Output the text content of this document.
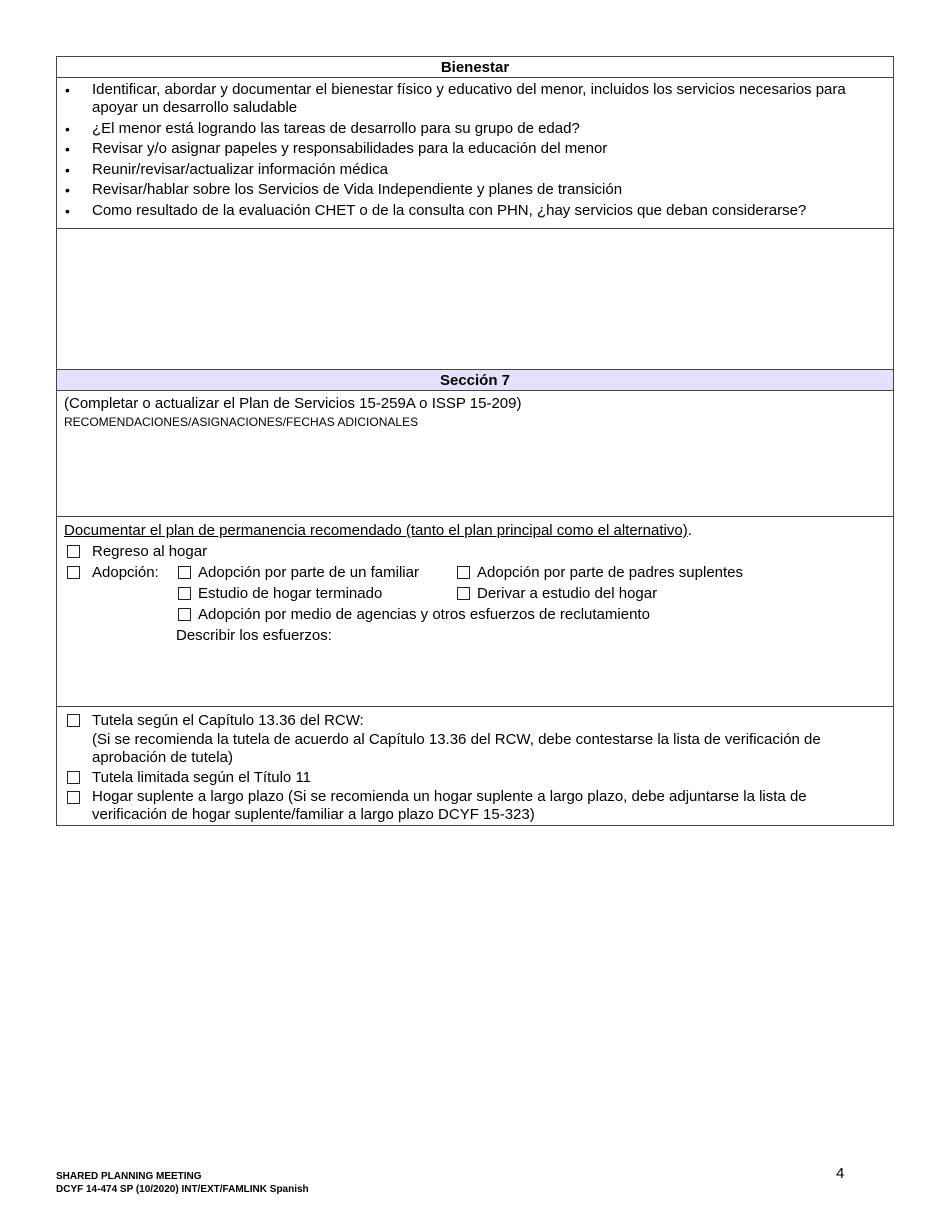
Bienestar
• Identificar, abordar y documentar el bienestar físico y educativo del menor, incluidos los servicios necesarios para apoyar un desarrollo saludable
• ¿El menor está logrando las tareas de desarrollo para su grupo de edad?
• Revisar y/o asignar papeles y responsabilidades para la educación del menor
• Reunir/revisar/actualizar información médica
• Revisar/hablar sobre los Servicios de Vida Independiente y planes de transición
• Como resultado de la evaluación CHET o de la consulta con PHN, ¿hay servicios que deban considerarse?
Sección 7

(Completar o actualizar el Plan de Servicios 15-259A o ISSP 15-209)

RECOMENDACIONES/ASIGNACIONES/FECHAS ADICIONALES

Documentar el plan de permanencia recomendado (tanto el plan principal como el alternativo).
Regreso al hogar
Adopción:	Adopción por parte de un familiar	Adopción por parte de padres suplentes
Estudio de hogar terminado	Derivar a estudio del hogar
Adopción por medio de agencias y otros esfuerzos de reclutamiento
Describir los esfuerzos:
Tutela según el Capítulo 13.36 del RCW:
(Si se recomienda la tutela de acuerdo al Capítulo 13.36 del RCW, debe contestarse la lista de verificación de aprobación de tutela)
Tutela limitada según el Título 11
Hogar suplente a largo plazo (Si se recomienda un hogar suplente a largo plazo, debe adjuntarse la lista de verificación de hogar suplente/familiar a largo plazo DCYF 15-323)
SHARED PLANNING MEETING
DCYF 14-474 SP (10/2020) INT/EXT/FAMLINK Spanish
4
